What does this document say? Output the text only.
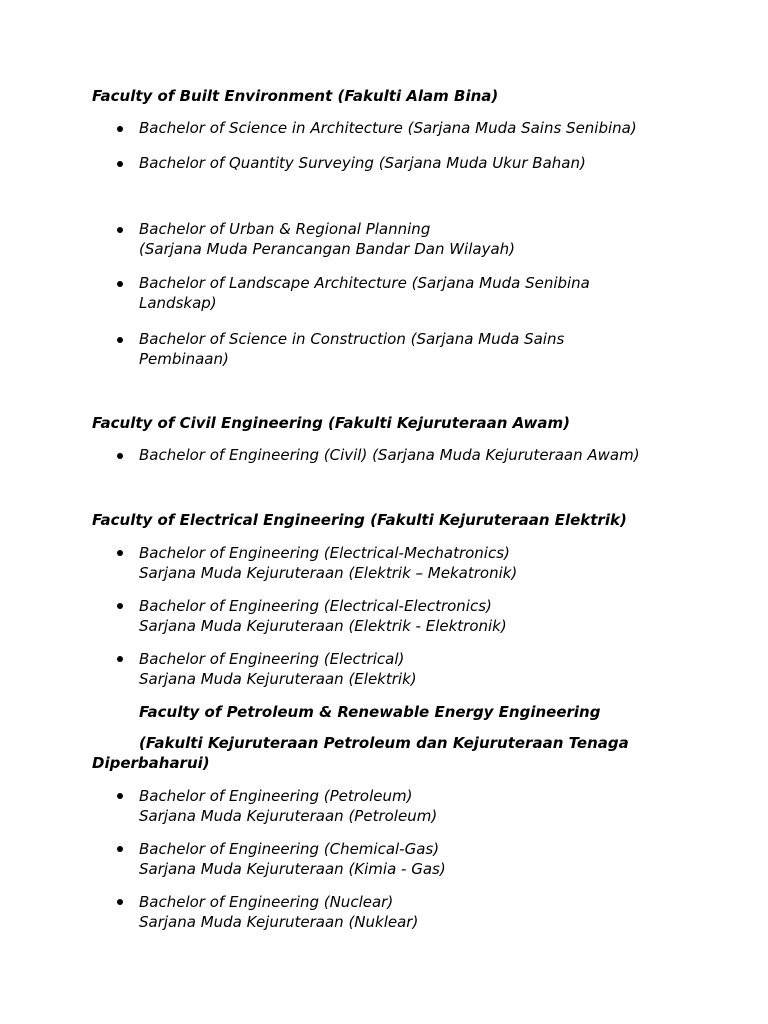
Faculty of Built Environment (Fakulti Alam Bina)
Bachelor of Science in Architecture (Sarjana Muda Sains Senibina)
Bachelor of Quantity Surveying (Sarjana Muda Ukur Bahan)
Bachelor of Urban & Regional Planning
(Sarjana Muda Perancangan Bandar Dan Wilayah)
Bachelor of Landscape Architecture (Sarjana Muda Senibina
Landskap)
Bachelor of Science in Construction (Sarjana Muda Sains
Pembinaan)
Faculty of Civil Engineering (Fakulti Kejuruteraan Awam)
Bachelor of Engineering (Civil) (Sarjana Muda Kejuruteraan Awam)
Faculty of Electrical Engineering (Fakulti Kejuruteraan Elektrik)
Bachelor of Engineering (Electrical-Mechatronics)
Sarjana Muda Kejuruteraan (Elektrik – Mekatronik)
Bachelor of Engineering (Electrical-Electronics)
Sarjana Muda Kejuruteraan (Elektrik - Elektronik)
Bachelor of Engineering (Electrical)
Sarjana Muda Kejuruteraan (Elektrik)
Faculty of Petroleum & Renewable Energy Engineering
(Fakulti Kejuruteraan Petroleum dan Kejuruteraan Tenaga Diperbaharui)
Bachelor of Engineering (Petroleum)
Sarjana Muda Kejuruteraan (Petroleum)
Bachelor of Engineering (Chemical-Gas)
Sarjana Muda Kejuruteraan (Kimia - Gas)
Bachelor of Engineering (Nuclear)
Sarjana Muda Kejuruteraan (Nuklear)
